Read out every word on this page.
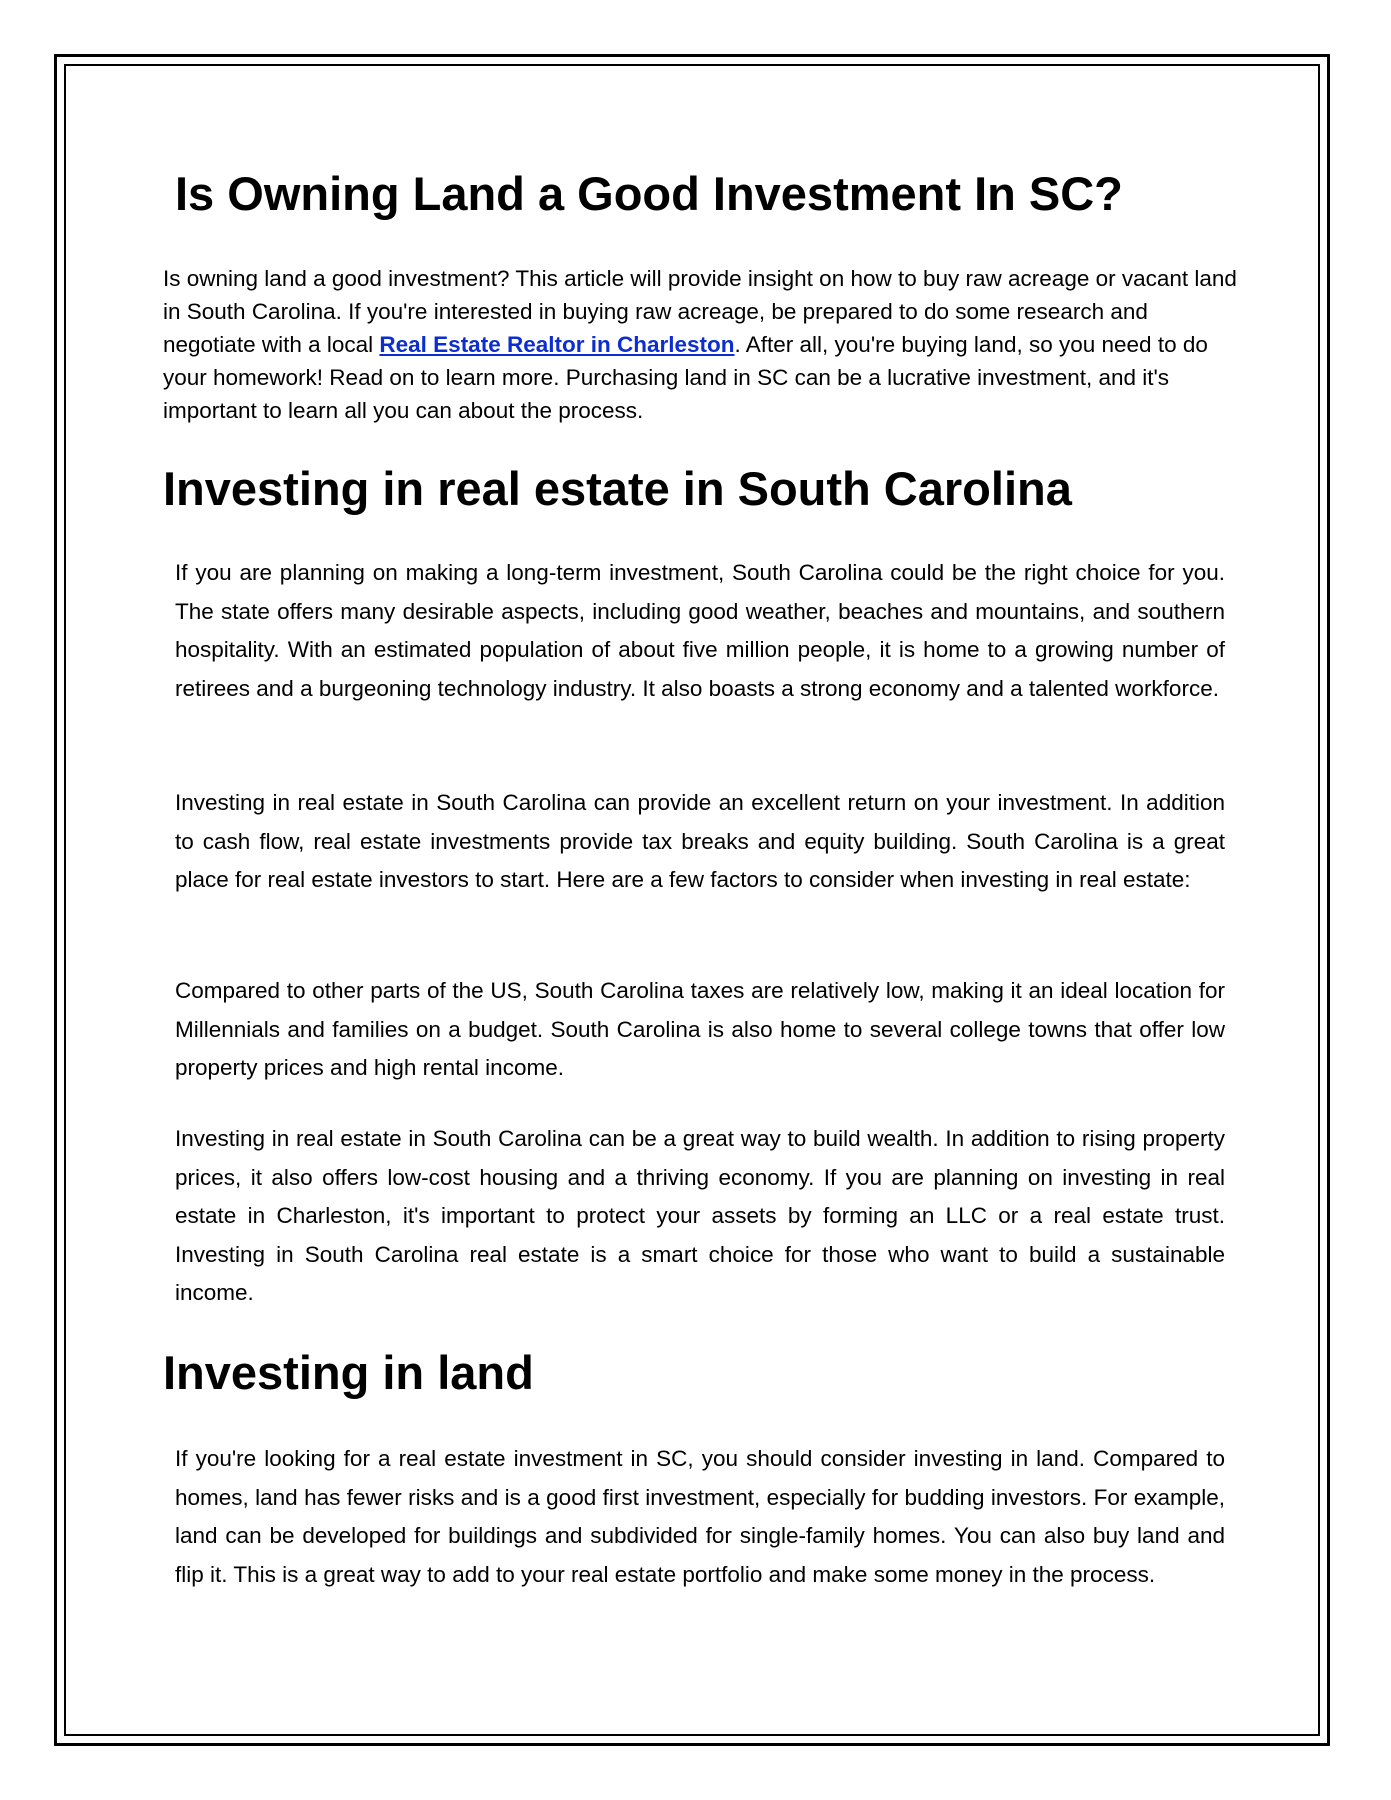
Is Owning Land a Good Investment In SC?

Is owning land a good investment? This article will provide insight on how to buy raw acreage or vacant land in South Carolina. If you're interested in buying raw acreage, be prepared to do some research and negotiate with a local Real Estate Realtor in Charleston. After all, you're buying land, so you need to do your homework! Read on to learn more. Purchasing land in SC can be a lucrative investment, and it's important to learn all you can about the process.

Investing in real estate in South Carolina

If you are planning on making a long-term investment, South Carolina could be the right choice for you. The state offers many desirable aspects, including good weather, beaches and mountains, and southern hospitality. With an estimated population of about five million people, it is home to a growing number of retirees and a burgeoning technology industry. It also boasts a strong economy and a talented workforce.

Investing in real estate in South Carolina can provide an excellent return on your investment. In addition to cash flow, real estate investments provide tax breaks and equity building. South Carolina is a great place for real estate investors to start. Here are a few factors to consider when investing in real estate:

Compared to other parts of the US, South Carolina taxes are relatively low, making it an ideal location for Millennials and families on a budget. South Carolina is also home to several college towns that offer low property prices and high rental income.

Investing in real estate in South Carolina can be a great way to build wealth. In addition to rising property prices, it also offers low-cost housing and a thriving economy. If you are planning on investing in real estate in Charleston, it's important to protect your assets by forming an LLC or a real estate trust. Investing in South Carolina real estate is a smart choice for those who want to build a sustainable income.

Investing in land

If you're looking for a real estate investment in SC, you should consider investing in land. Compared to homes, land has fewer risks and is a good first investment, especially for budding investors. For example, land can be developed for buildings and subdivided for single-family homes. You can also buy land and flip it. This is a great way to add to your real estate portfolio and make some money in the process.
